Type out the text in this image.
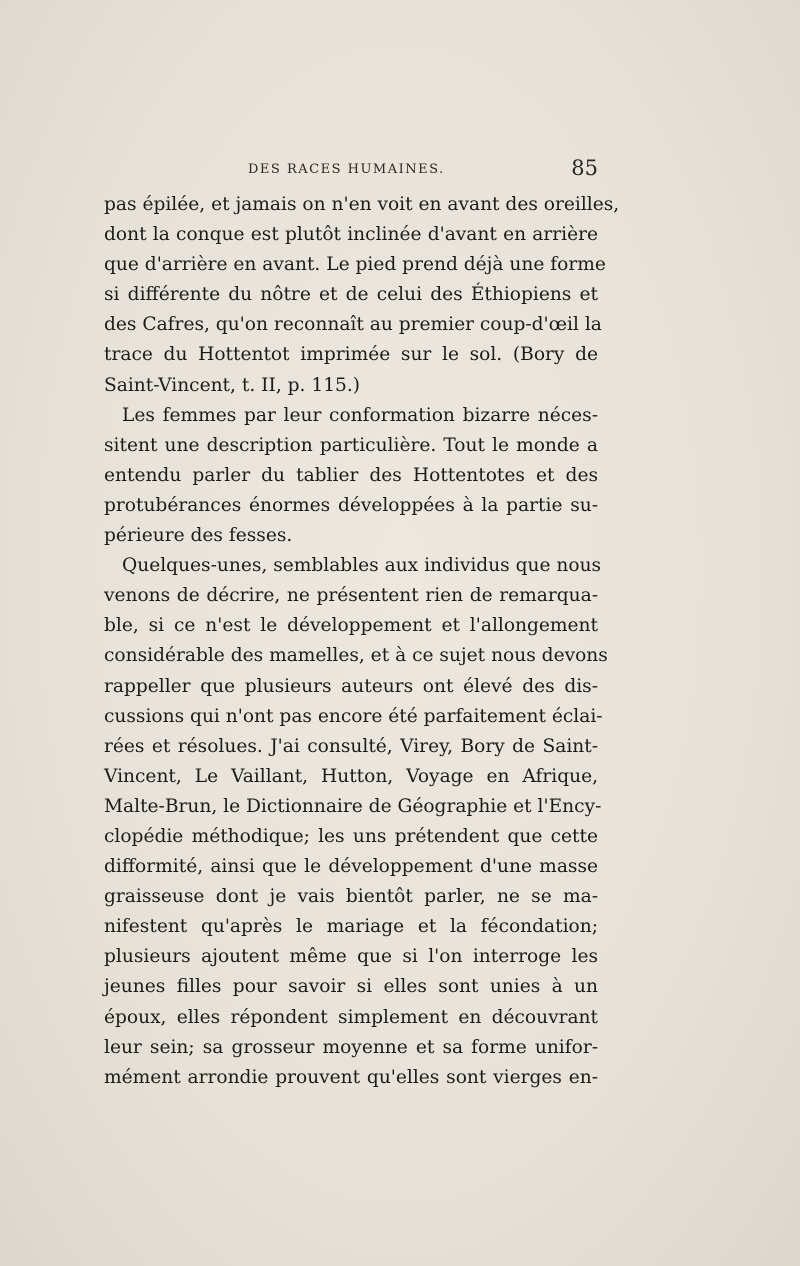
DES RACES HUMAINES.	85
pas épilée, et jamais on n'en voit en avant des oreilles,
dont la conque est plutôt inclinée d'avant en arrière
que d'arrière en avant. Le pied prend déjà une forme
si différente du nôtre et de celui des Éthiopiens et
des Cafres, qu'on reconnaît au premier coup-d'œil la
trace du Hottentot imprimée sur le sol. (Bory de
Saint-Vincent, t. II, p. 115.)
Les femmes par leur conformation bizarre néces-
sitent une description particulière. Tout le monde a
entendu parler du tablier des Hottentotes et des
protubérances énormes développées à la partie su-
périeure des fesses.
Quelques-unes, semblables aux individus que nous
venons de décrire, ne présentent rien de remarqua-
ble, si ce n'est le développement et l'allongement
considérable des mamelles, et à ce sujet nous devons
rappeller que plusieurs auteurs ont élevé des dis-
cussions qui n'ont pas encore été parfaitement éclai-
rées et résolues. J'ai consulté, Virey, Bory de Saint-
Vincent, Le Vaillant, Hutton, Voyage en Afrique,
Malte-Brun, le Dictionnaire de Géographie et l'Ency-
clopédie méthodique; les uns prétendent que cette
difformité, ainsi que le développement d'une masse
graisseuse dont je vais bientôt parler, ne se ma-
nifestent qu'après le mariage et la fécondation;
plusieurs ajoutent même que si l'on interroge les
jeunes filles pour savoir si elles sont unies à un
époux, elles répondent simplement en découvrant
leur sein; sa grosseur moyenne et sa forme unifor-
mément arrondie prouvent qu'elles sont vierges en-
